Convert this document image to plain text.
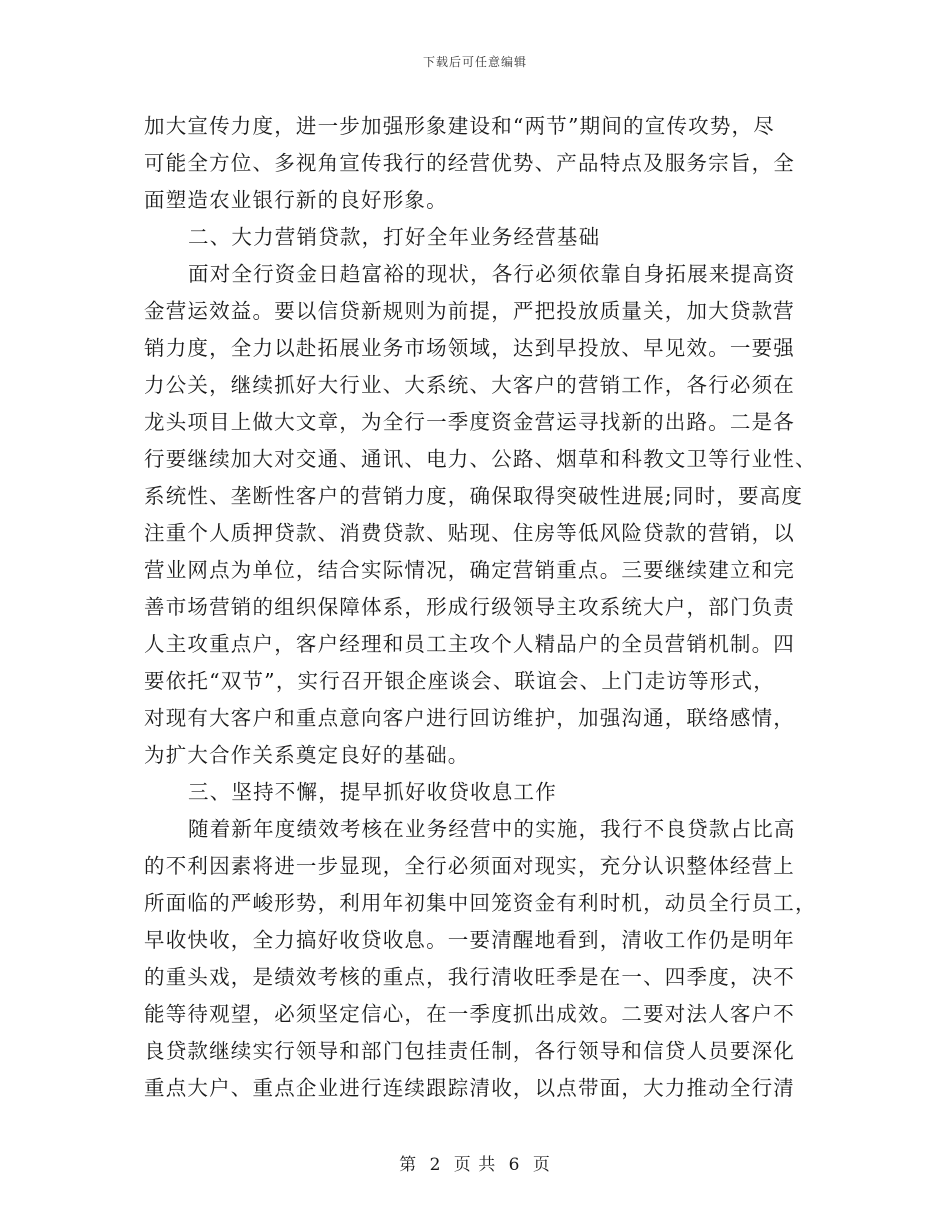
下载后可任意编辑
加大宣传力度，进一步加强形象建设和“两节”期间的宣传攻势，尽
可能全方位、多视角宣传我行的经营优势、产品特点及服务宗旨，全
面塑造农业银行新的良好形象。
二、大力营销贷款，打好全年业务经营基础
面对全行资金日趋富裕的现状，各行必须依靠自身拓展来提高资
金营运效益。要以信贷新规则为前提，严把投放质量关，加大贷款营
销力度，全力以赴拓展业务市场领域，达到早投放、早见效。一要强
力公关，继续抓好大行业、大系统、大客户的营销工作，各行必须在
龙头项目上做大文章，为全行一季度资金营运寻找新的出路。二是各
行要继续加大对交通、通讯、电力、公路、烟草和科教文卫等行业性、
系统性、垄断性客户的营销力度，确保取得突破性进展;同时，要高度
注重个人质押贷款、消费贷款、贴现、住房等低风险贷款的营销，以
营业网点为单位，结合实际情况，确定营销重点。三要继续建立和完
善市场营销的组织保障体系，形成行级领导主攻系统大户，部门负责
人主攻重点户，客户经理和员工主攻个人精品户的全员营销机制。四
要依托“双节”，实行召开银企座谈会、联谊会、上门走访等形式，
对现有大客户和重点意向客户进行回访维护，加强沟通，联络感情，
为扩大合作关系奠定良好的基础。
三、坚持不懈，提早抓好收贷收息工作
随着新年度绩效考核在业务经营中的实施，我行不良贷款占比高
的不利因素将进一步显现，全行必须面对现实，充分认识整体经营上
所面临的严峻形势，利用年初集中回笼资金有利时机，动员全行员工，
早收快收，全力搞好收贷收息。一要清醒地看到，清收工作仍是明年
的重头戏，是绩效考核的重点，我行清收旺季是在一、四季度，决不
能等待观望，必须坚定信心，在一季度抓出成效。二要对法人客户不
良贷款继续实行领导和部门包挂责任制，各行领导和信贷人员要深化
重点大户、重点企业进行连续跟踪清收，以点带面，大力推动全行清
第 2 页 共 6 页
